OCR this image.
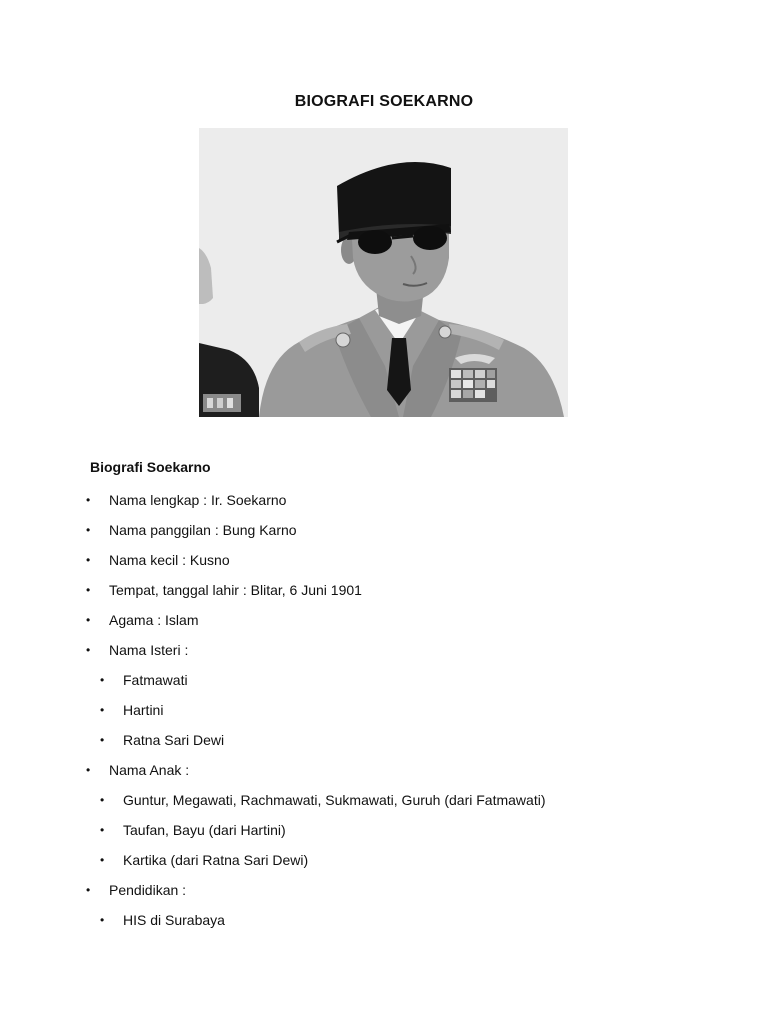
BIOGRAFI SOEKARNO
Biografi Soekarno
• Nama lengkap : Ir. Soekarno
• Nama panggilan : Bung Karno
• Nama kecil : Kusno
• Tempat, tanggal lahir : Blitar, 6 Juni 1901
• Agama : Islam
• Nama Isteri :
• Fatmawati
• Hartini
• Ratna Sari Dewi
• Nama Anak :
• Guntur, Megawati, Rachmawati, Sukmawati, Guruh (dari Fatmawati)
• Taufan, Bayu (dari Hartini)
• Kartika (dari Ratna Sari Dewi)
• Pendidikan :
• HIS di Surabaya
